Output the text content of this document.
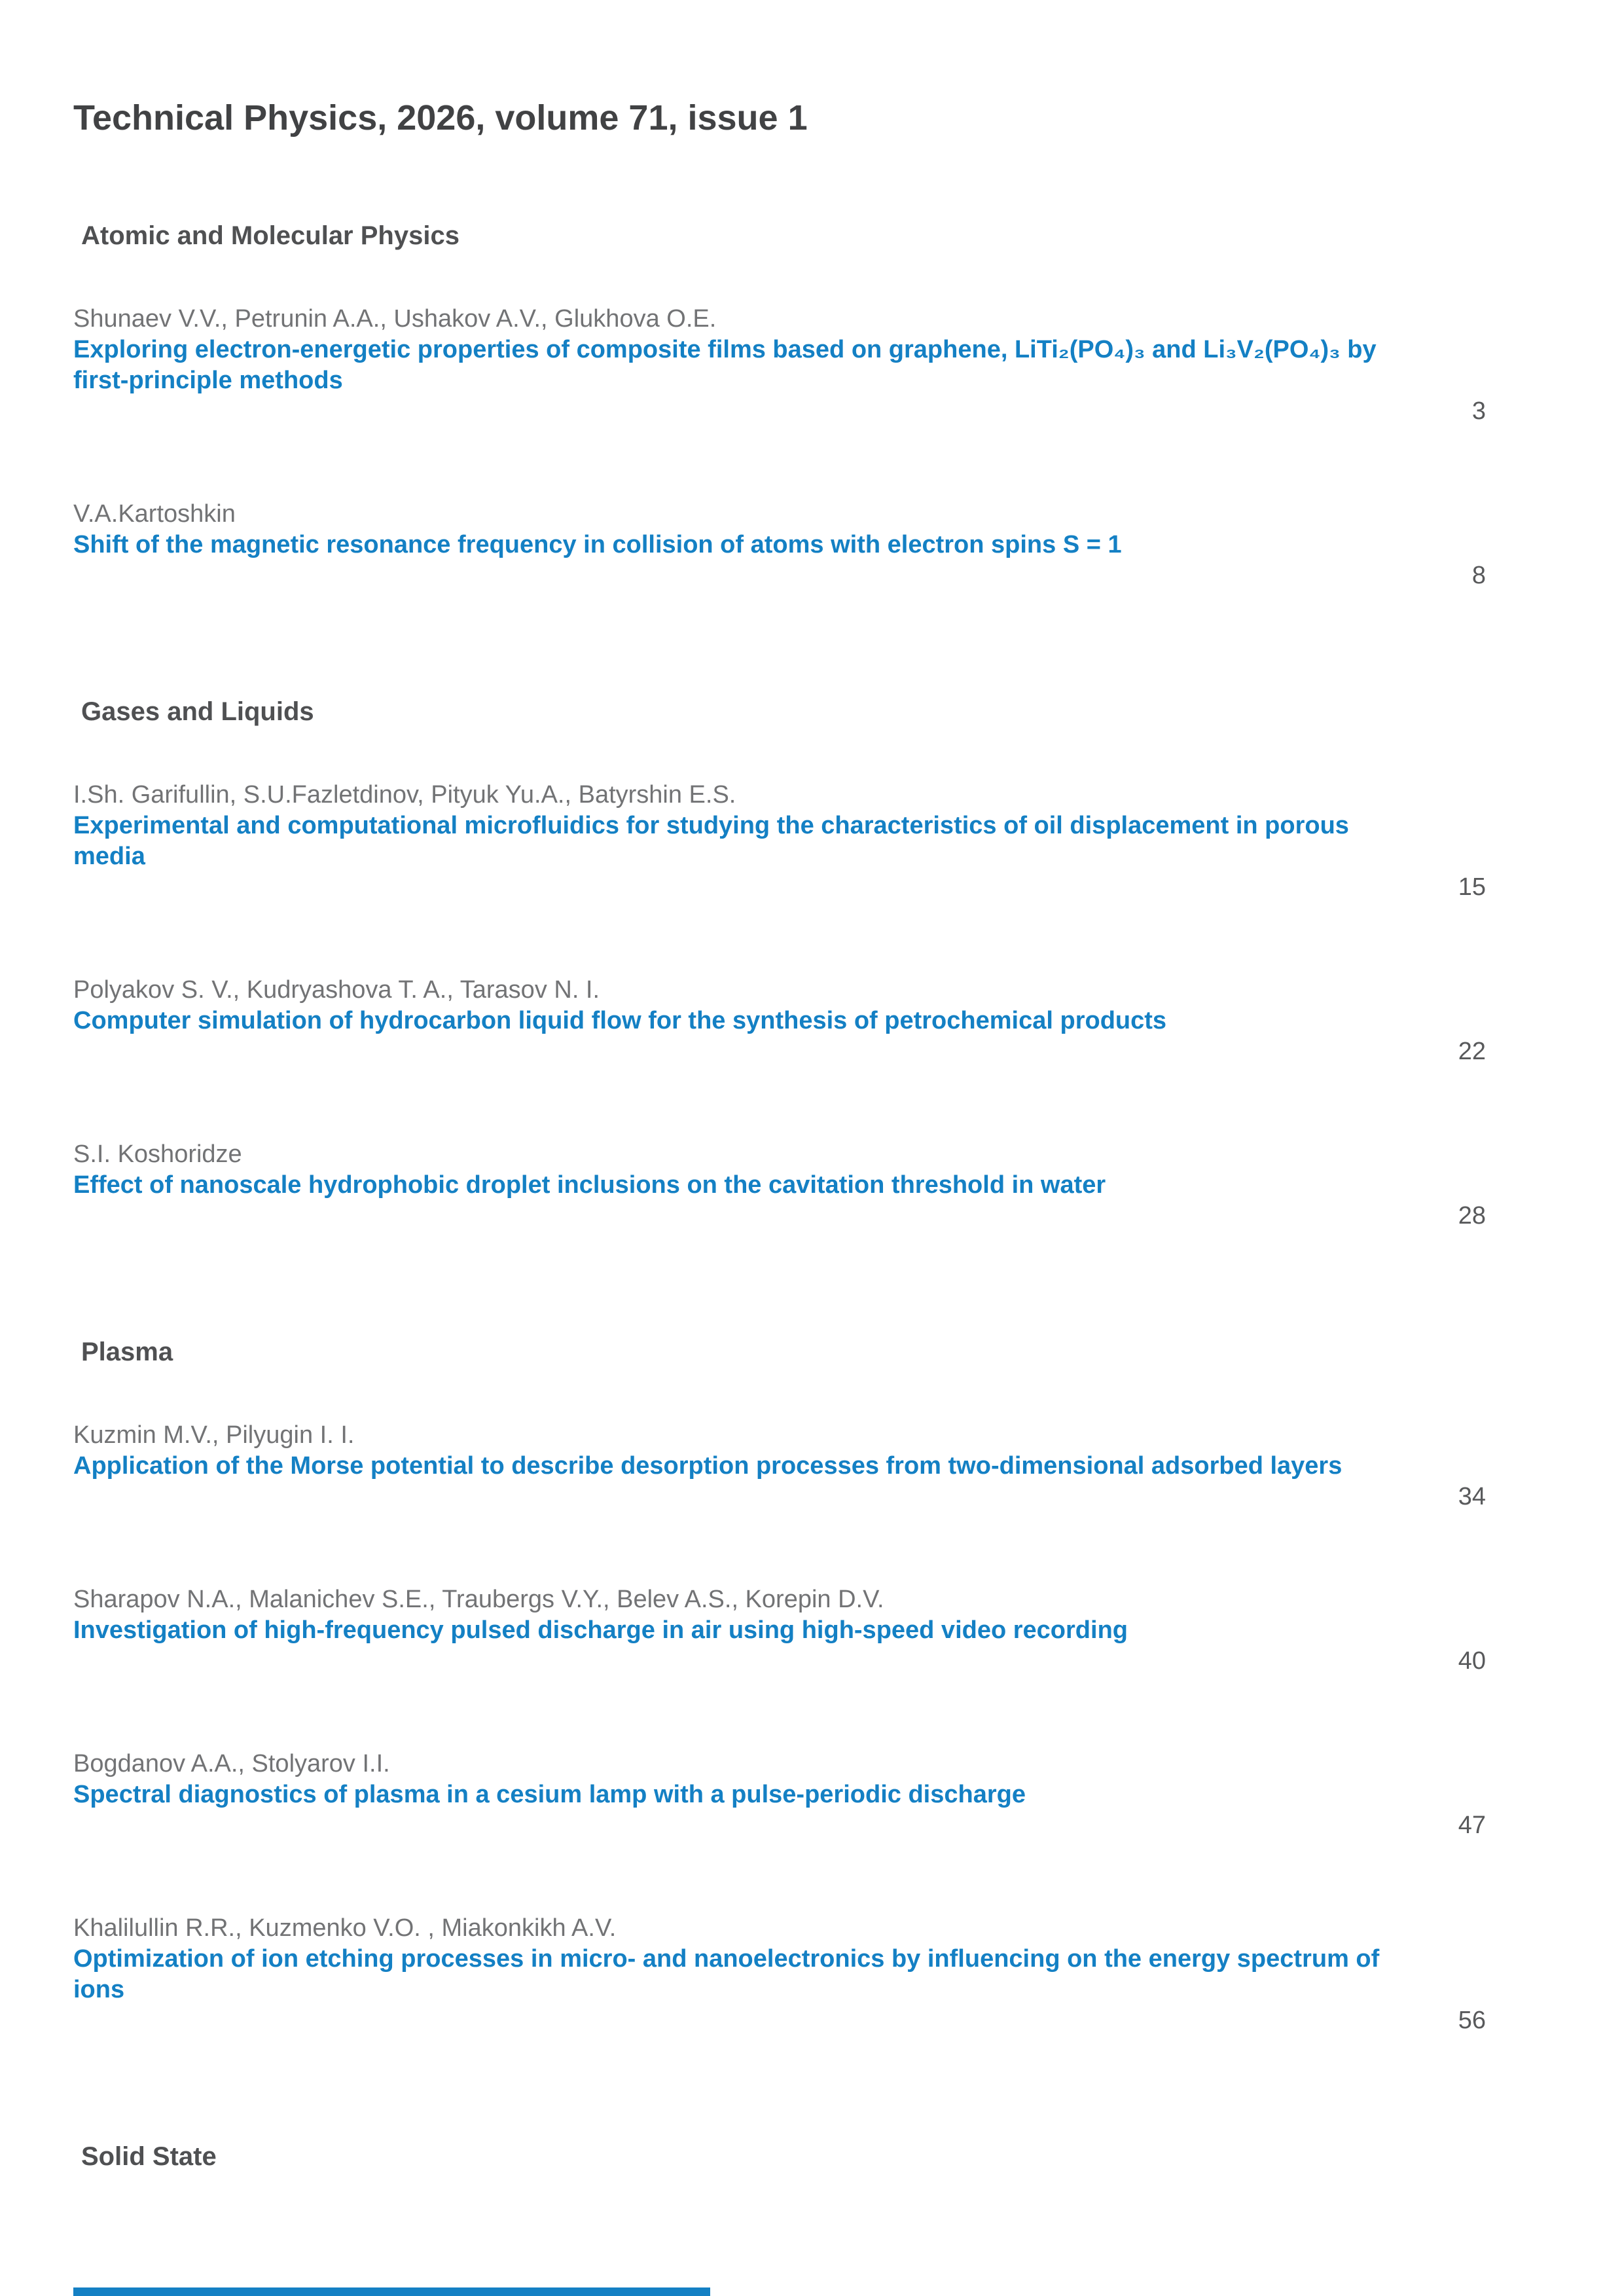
Technical Physics, 2026, volume 71, issue 1
Atomic and Molecular Physics
Shunaev V.V., Petrunin A.A., Ushakov A.V., Glukhova O.E.
Exploring electron-energetic properties of composite films based on graphene, LiTi₂(PO₄)₃ and Li₃V₂(PO₄)₃ by first-principle methods
3
V.A.Kartoshkin
Shift of the magnetic resonance frequency in collision of atoms with electron spins S = 1
8
Gases and Liquids
I.Sh. Garifullin, S.U.Fazletdinov, Pityuk Yu.A., Batyrshin E.S.
Experimental and computational microfluidics for studying the characteristics of oil displacement in porous media
15
Polyakov S. V., Kudryashova T. A., Tarasov N. I.
Computer simulation of hydrocarbon liquid flow for the synthesis of petrochemical products
22
S.I. Koshoridze
Effect of nanoscale hydrophobic droplet inclusions on the cavitation threshold in water
28
Plasma
Kuzmin M.V., Pilyugin I. I.
Application of the Morse potential to describe desorption processes from two-dimensional adsorbed layers
34
Sharapov N.A., Malanichev S.E., Traubergs V.Y., Belev A.S., Korepin D.V.
Investigation of high-frequency pulsed discharge in air using high-speed video recording
40
Bogdanov A.A., Stolyarov I.I.
Spectral diagnostics of plasma in a cesium lamp with a pulse-periodic discharge
47
Khalilullin R.R., Kuzmenko V.O. , Miakonkikh A.V.
Optimization of ion etching processes in micro- and nanoelectronics by influencing on the energy spectrum of ions
56
Solid State
